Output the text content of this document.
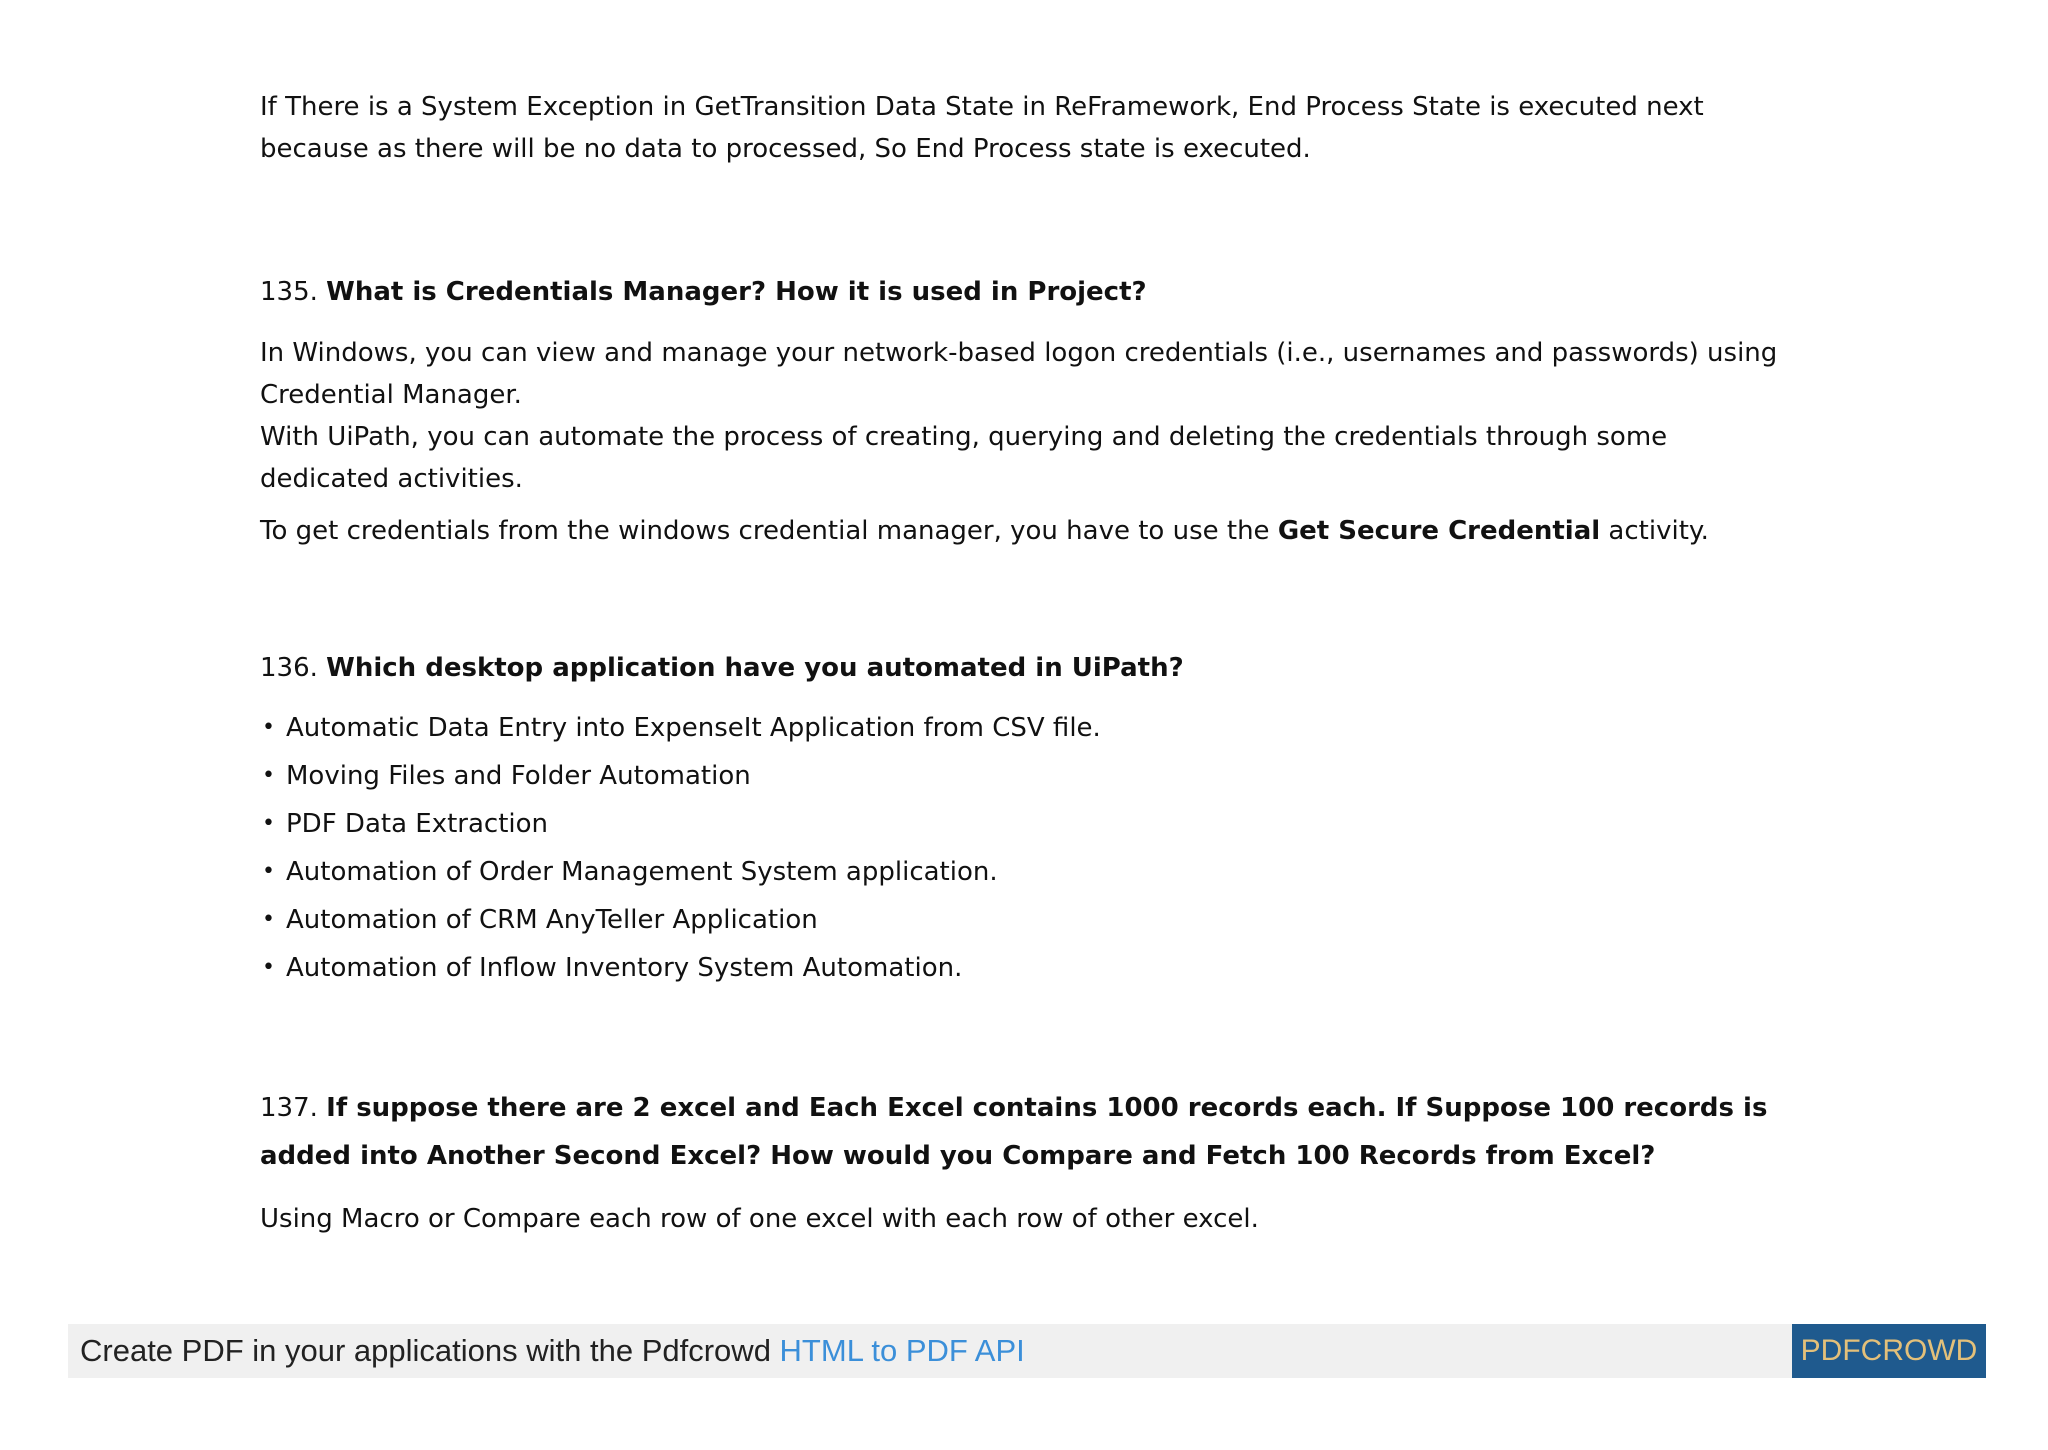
If There is a System Exception in GetTransition Data State in ReFramework, End Process State is executed next because as there will be no data to processed, So End Process state is executed.

135. What is Credentials Manager? How it is used in Project?

In Windows, you can view and manage your network-based logon credentials (i.e., usernames and passwords) using Credential Manager.

With UiPath, you can automate the process of creating, querying and deleting the credentials through some dedicated activities.

To get credentials from the windows credential manager, you have to use the Get Secure Credential activity.

136. Which desktop application have you automated in UiPath?

• Automatic Data Entry into ExpenseIt Application from CSV file.
• Moving Files and Folder Automation
• PDF Data Extraction
• Automation of Order Management System application.
• Automation of CRM AnyTeller Application
• Automation of Inflow Inventory System Automation.

137. If suppose there are 2 excel and Each Excel contains 1000 records each. If Suppose 100 records is added into Another Second Excel? How would you Compare and Fetch 100 Records from Excel?

Using Macro or Compare each row of one excel with each row of other excel.

Create PDF in your applications with the Pdfcrowd HTML to PDF API	PDFCROWD
